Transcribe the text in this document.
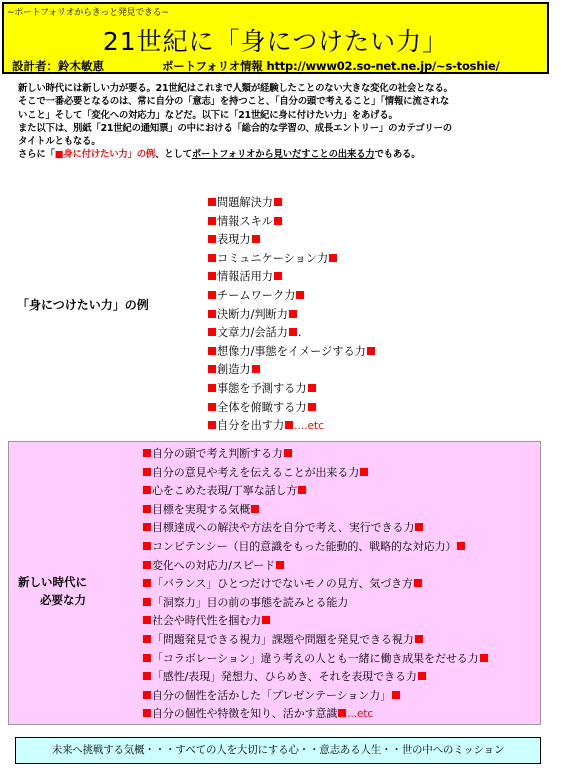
~ポートフォリオからきっと発見できる~
21世紀に「身につけたい力」
設計者：鈴木敏恵	ポートフォリオ情報 http://www02.so-net.ne.jp/~s-toshie/

新しい時代には新しい力が要る。21世紀はこれまで人類が経験したことのない大きな変化の社会となる。

そこで一番必要となるのは、常に自分の「意志」を持つこと、「自分の頭で考えること」「情報に流されな

いこと」そして「変化への対応力」などだ。以下に「21世紀に身に付けたい力」をあげる。

また以下は、別紙「21世紀の通知票」の中における「総合的な学習の、成長エントリー」のカテゴリーの

タイトルともなる。

さらに「■身に付けたい力」の例、としてポートフォリオから見いだすことの出来る力でもある。

「身につけたい力」の例
問題解決力
情報スキル
表現力
コミュニケーション力
情報活用力
チームワーク力
決断力/判断力
文章力/会話力 .
想像力/事態をイメージする力
創造力
事態を予測する力
全体を俯瞰する力
自分を出す力 ....etc
新しい時代に
必要な力
自分の頭で考え判断する力
自分の意見や考えを伝えることが出来る力
心をこめた表現/丁寧な話し方
目標を実現する気概
目標達成への解決や方法を自分で考え、実行できる力
コンピテンシー（目的意識をもった能動的、戦略的な対応力）
変化への対応力/スピード
「バランス」ひとつだけでないモノの見方、気づき方
「洞察力」目の前の事態を読みとる能力
社会や時代性を掴む力
「問題発見できる視力」課題や問題を発見できる視力
「コラボレーション」違う考えの人とも一緒に働き成果をだせる力
「感性/表現」発想力、ひらめき、それを表現できる力
自分の個性を活かした「プレゼンテーション力」
自分の個性や特徴を知り、活かす意識 ...etc
未来へ挑戦する気概・・・すべての人を大切にする心・・意志ある人生・・世の中へのミッション
